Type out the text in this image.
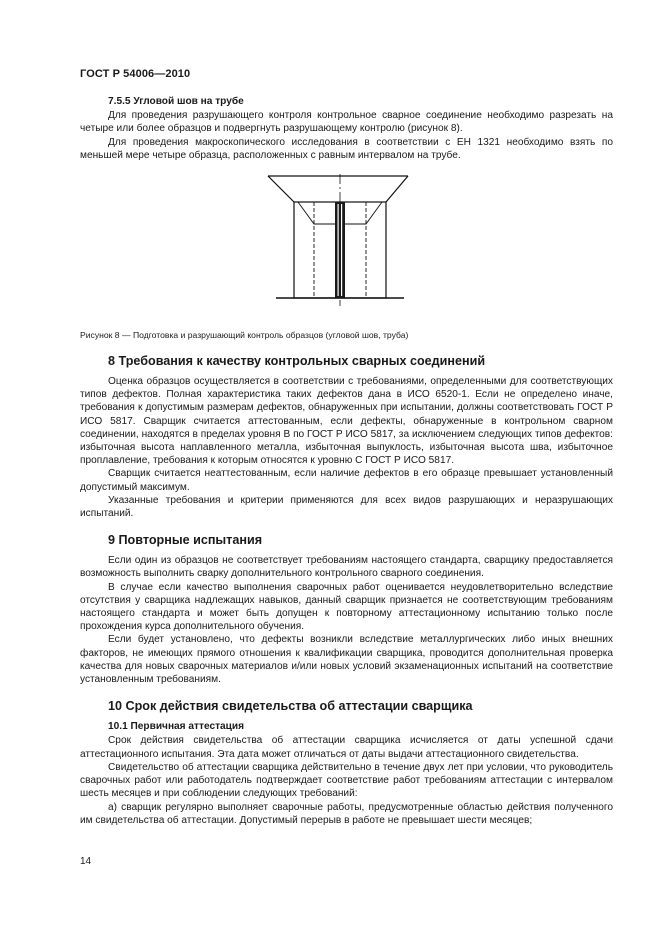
ГОСТ Р 54006—2010
7.5.5 Угловой шов на трубе

Для проведения разрушающего контроля контрольное сварное соединение необходимо разрезать на четыре или более образцов и подвергнуть разрушающему контролю (рисунок 8).

Для проведения макроскопического исследования в соответствии с ЕН 1321 необходимо взять по меньшей мере четыре образца, расположенных с равным интервалом на трубе.

Рисунок 8 — Подготовка и разрушающий контроль образцов (угловой шов, труба)

8 Требования к качеству контрольных сварных соединений

Оценка образцов осуществляется в соответствии с требованиями, определенными для соответствующих типов дефектов. Полная характеристика таких дефектов дана в ИСО 6520-1. Если не определено иначе, требования к допустимым размерам дефектов, обнаруженных при испытании, должны соответствовать ГОСТ Р ИСО 5817. Сварщик считается аттестованным, если дефекты, обнаруженные в контрольном сварном соединении, находятся в пределах уровня В по ГОСТ Р ИСО 5817, за исключением следующих типов дефектов: избыточная высота наплавленного металла, избыточная выпуклость, избыточная высота шва, избыточное проплавление, требования к которым относятся к уровню С ГОСТ Р ИСО 5817.

Сварщик считается неаттестованным, если наличие дефектов в его образце превышает установленный допустимый максимум.

Указанные требования и критерии применяются для всех видов разрушающих и неразрушающих испытаний.

9 Повторные испытания

Если один из образцов не соответствует требованиям настоящего стандарта, сварщику предоставляется возможность выполнить сварку дополнительного контрольного сварного соединения.

В случае если качество выполнения сварочных работ оценивается неудовлетворительно вследствие отсутствия у сварщика надлежащих навыков, данный сварщик признается не соответствующим требованиям настоящего стандарта и может быть допущен к повторному аттестационному испытанию только после прохождения курса дополнительного обучения.

Если будет установлено, что дефекты возникли вследствие металлургических либо иных внешних факторов, не имеющих прямого отношения к квалификации сварщика, проводится дополнительная проверка качества для новых сварочных материалов и/или новых условий экзаменационных испытаний на соответствие установленным требованиям.

10 Срок действия свидетельства об аттестации сварщика
10.1 Первичная аттестация

Срок действия свидетельства об аттестации сварщика исчисляется от даты успешной сдачи аттестационного испытания. Эта дата может отличаться от даты выдачи аттестационного свидетельства.

Свидетельство об аттестации сварщика действительно в течение двух лет при условии, что руководитель сварочных работ или работодатель подтверждает соответствие работ требованиям аттестации с интервалом шесть месяцев и при соблюдении следующих требований:

а) сварщик регулярно выполняет сварочные работы, предусмотренные областью действия полученного им свидетельства об аттестации. Допустимый перерыв в работе не превышает шести месяцев;

14
